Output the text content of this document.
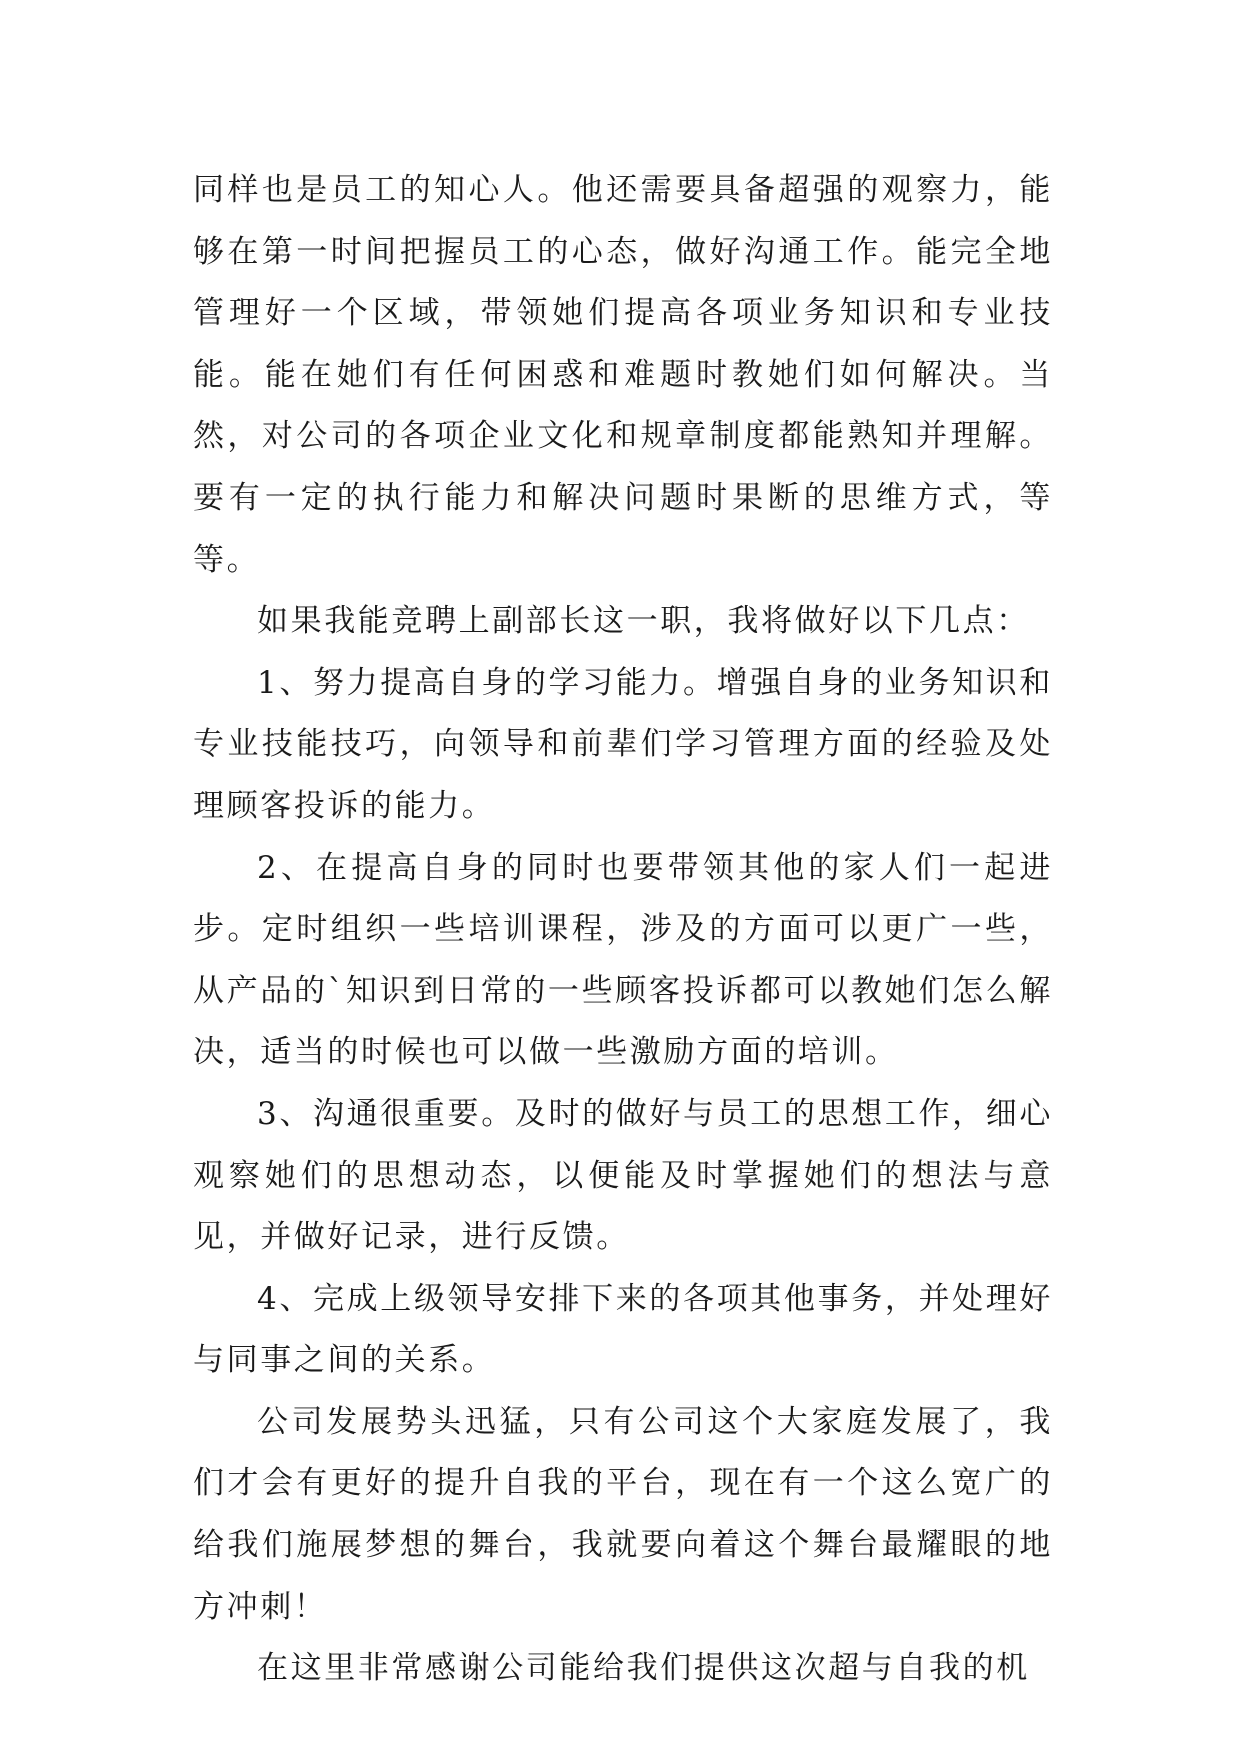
同样也是员工的知心人。他还需要具备超强的观察力，能够在第一时间把握员工的心态，做好沟通工作。能完全地管理好一个区域，带领她们提高各项业务知识和专业技能。能在她们有任何困惑和难题时教她们如何解决。当然，对公司的各项企业文化和规章制度都能熟知并理解。要有一定的执行能力和解决问题时果断的思维方式，等等。

如果我能竞聘上副部长这一职，我将做好以下几点：

1、努力提高自身的学习能力。增强自身的业务知识和专业技能技巧，向领导和前辈们学习管理方面的经验及处理顾客投诉的能力。

2、在提高自身的同时也要带领其他的家人们一起进步。定时组织一些培训课程，涉及的方面可以更广一些，从产品的`知识到日常的一些顾客投诉都可以教她们怎么解决，适当的时候也可以做一些激励方面的培训。

3、沟通很重要。及时的做好与员工的思想工作，细心观察她们的思想动态，以便能及时掌握她们的想法与意见，并做好记录，进行反馈。

4、完成上级领导安排下来的各项其他事务，并处理好与同事之间的关系。

公司发展势头迅猛，只有公司这个大家庭发展了，我们才会有更好的提升自我的平台，现在有一个这么宽广的给我们施展梦想的舞台，我就要向着这个舞台最耀眼的地方冲刺！

在这里非常感谢公司能给我们提供这次超与自我的机
